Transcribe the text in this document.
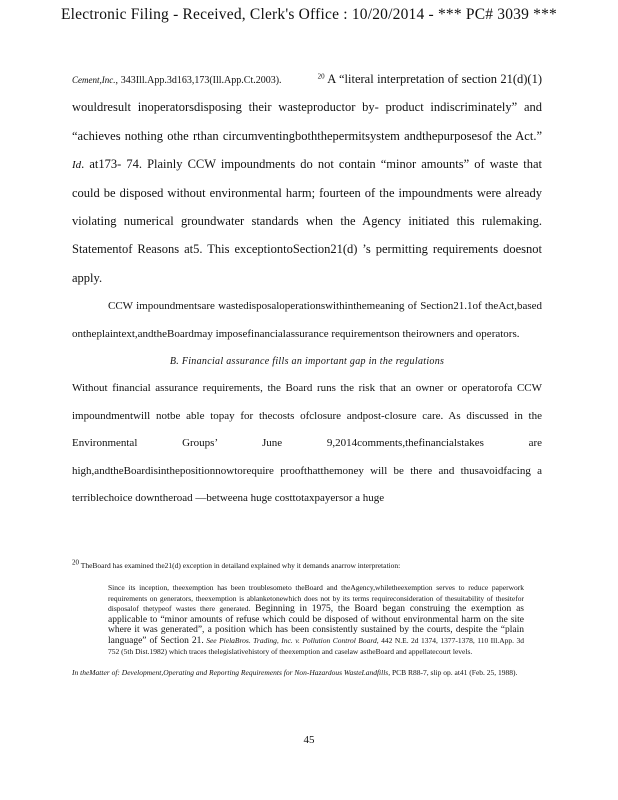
Electronic Filing - Received, Clerk's Office : 10/20/2014 - *** PC# 3039 ***

Cement,Inc., 343Ill.App.3d163,173(Ill.App.Ct.2003).	$^{20}$ A “literal interpretation of section 21(d)(1) wouldresult inoperatorsdisposing their wasteproductor by- product indiscriminately” and “achieves nothing othe rthan circumventingboththepermitsystem andthepurposesof the Act.” Id. at173- 74. Plainly CCW impoundments do not contain “minor amounts” of waste that could be disposed without environmental harm; fourteen of the impoundments were already violating numerical groundwater standards when the Agency initiated this rulemaking. Statementof Reasons at5. This exceptiontoSection21(d) ’s permitting requirements doesnot apply.

CCW impoundmentsare wastedisposaloperationswithinthemeaning of Section21.1of theAct,based ontheplaintext,andtheBoardmay imposefinancialassurance requirementson theirowners and operators.

B. Financial assurance fills an important gap in the regulations

Without financial assurance requirements, the Board runs the risk that an owner or operatorofa CCW impoundmentwill notbe able topay for thecosts ofclosure andpost-closure care. As discussed in the Environmental Groups’ June 9,2014comments,thefinancialstakes are high,andtheBoardisinthepositionnowtorequire proofthatthemoney will be there and thusavoidfacing a terriblechoice downtheroad —betweena huge costtotaxpayersor a huge

20 TheBoard has examined the21(d) exception in detailand explained why it demands anarrow interpretation:
Since its inception, theexemption has been troublesometo theBoard and theAgency,whiletheexemption serves to reduce paperwork requirements on generators, theexemption is ablanketonewhich does not by its terms requireconsideration of thesuitability of thesitefor disposalof thetypeof wastes there generated. Beginning in 1975, the Board began construing the exemption as applicable to “minor amounts of refuse which could be disposed of without environmental harm on the site where it was generated”, a position which has been consistently sustained by the courts, despite the “plain language” of Section 21. See PielaBros. Trading, Inc. v. Pollution Control Board, 442 N.E. 2d 1374, 1377-1378, 110 Ill.App. 3d 752 (5th Dist.1982) which traces thelegislativehistory of theexemption and caselaw astheBoard and appellatecourt levels.
In theMatter of: Development,Operating and Reporting Requirements for Non-Hazardous WasteLandfills, PCB R88-7, slip op. at41 (Feb. 25, 1988).
45
